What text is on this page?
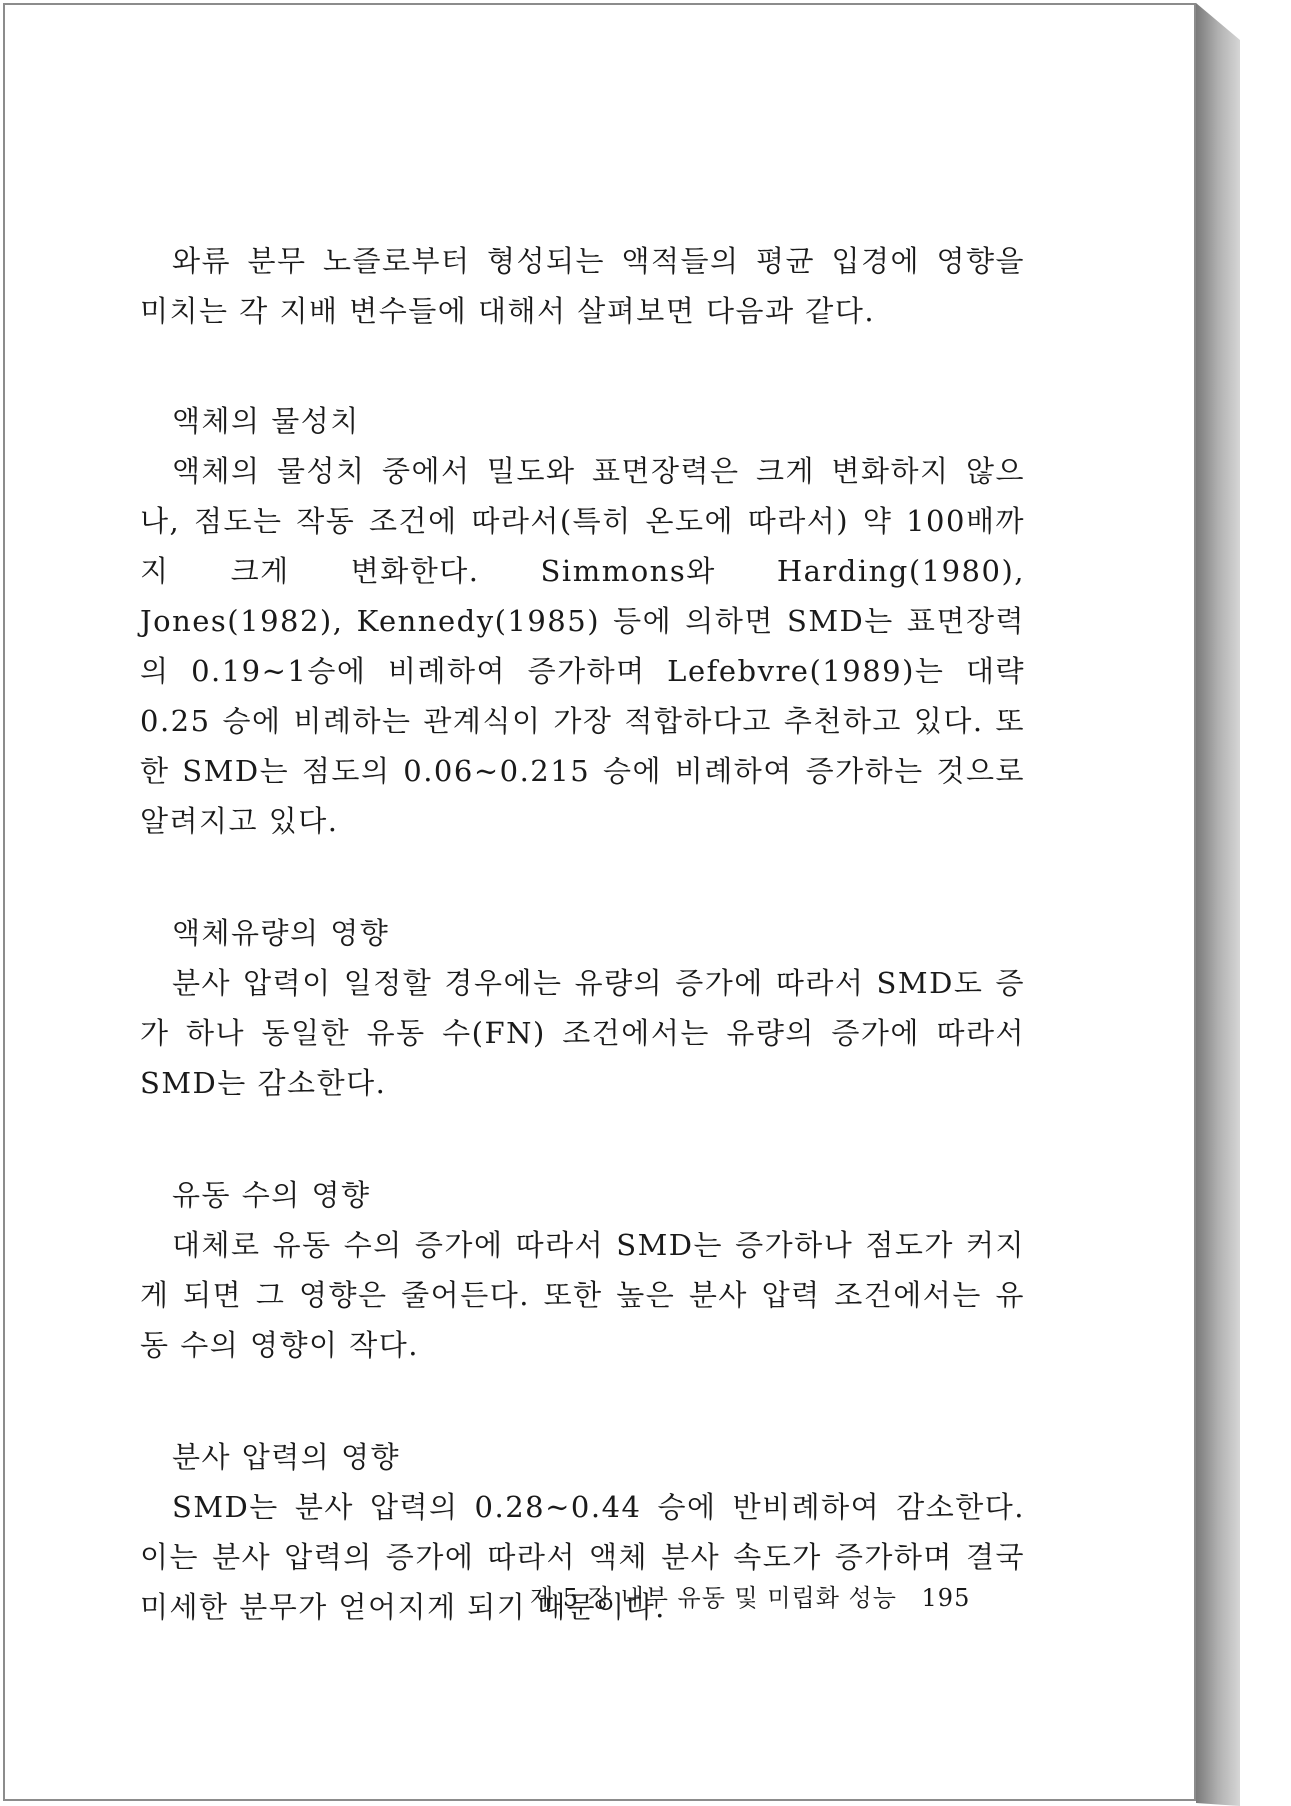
와류 분무 노즐로부터 형성되는 액적들의 평균 입경에 영향을 미치는 각 지배 변수들에 대해서 살펴보면 다음과 같다.

액체의 물성치

액체의 물성치 중에서 밀도와 표면장력은 크게 변화하지 않으나, 점도는 작동 조건에 따라서(특히 온도에 따라서) 약 100배까지 크게 변화한다. Simmons와 Harding(1980), Jones(1982), Kennedy(1985) 등에 의하면 SMD는 표면장력의 0.19∼1승에 비례하여 증가하며 Lefebvre(1989)는 대략 0.25 승에 비례하는 관계식이 가장 적합하다고 추천하고 있다. 또한 SMD는 점도의 0.06∼0.215 승에 비례하여 증가하는 것으로 알려지고 있다.

액체유량의 영향

분사 압력이 일정할 경우에는 유량의 증가에 따라서 SMD도 증가 하나 동일한 유동 수(FN) 조건에서는 유량의 증가에 따라서 SMD는 감소한다.

유동 수의 영향

대체로 유동 수의 증가에 따라서 SMD는 증가하나 점도가 커지게 되면 그 영향은 줄어든다. 또한 높은 분사 압력 조건에서는 유동 수의 영향이 작다.

분사 압력의 영향

SMD는 분사 압력의 0.28∼0.44 승에 반비례하여 감소한다. 이는 분사 압력의 증가에 따라서 액체 분사 속도가 증가하며 결국 미세한 분무가 얻어지게 되기 때문이다.

제 5 장 내부 유동 및 미립화 성능 195
